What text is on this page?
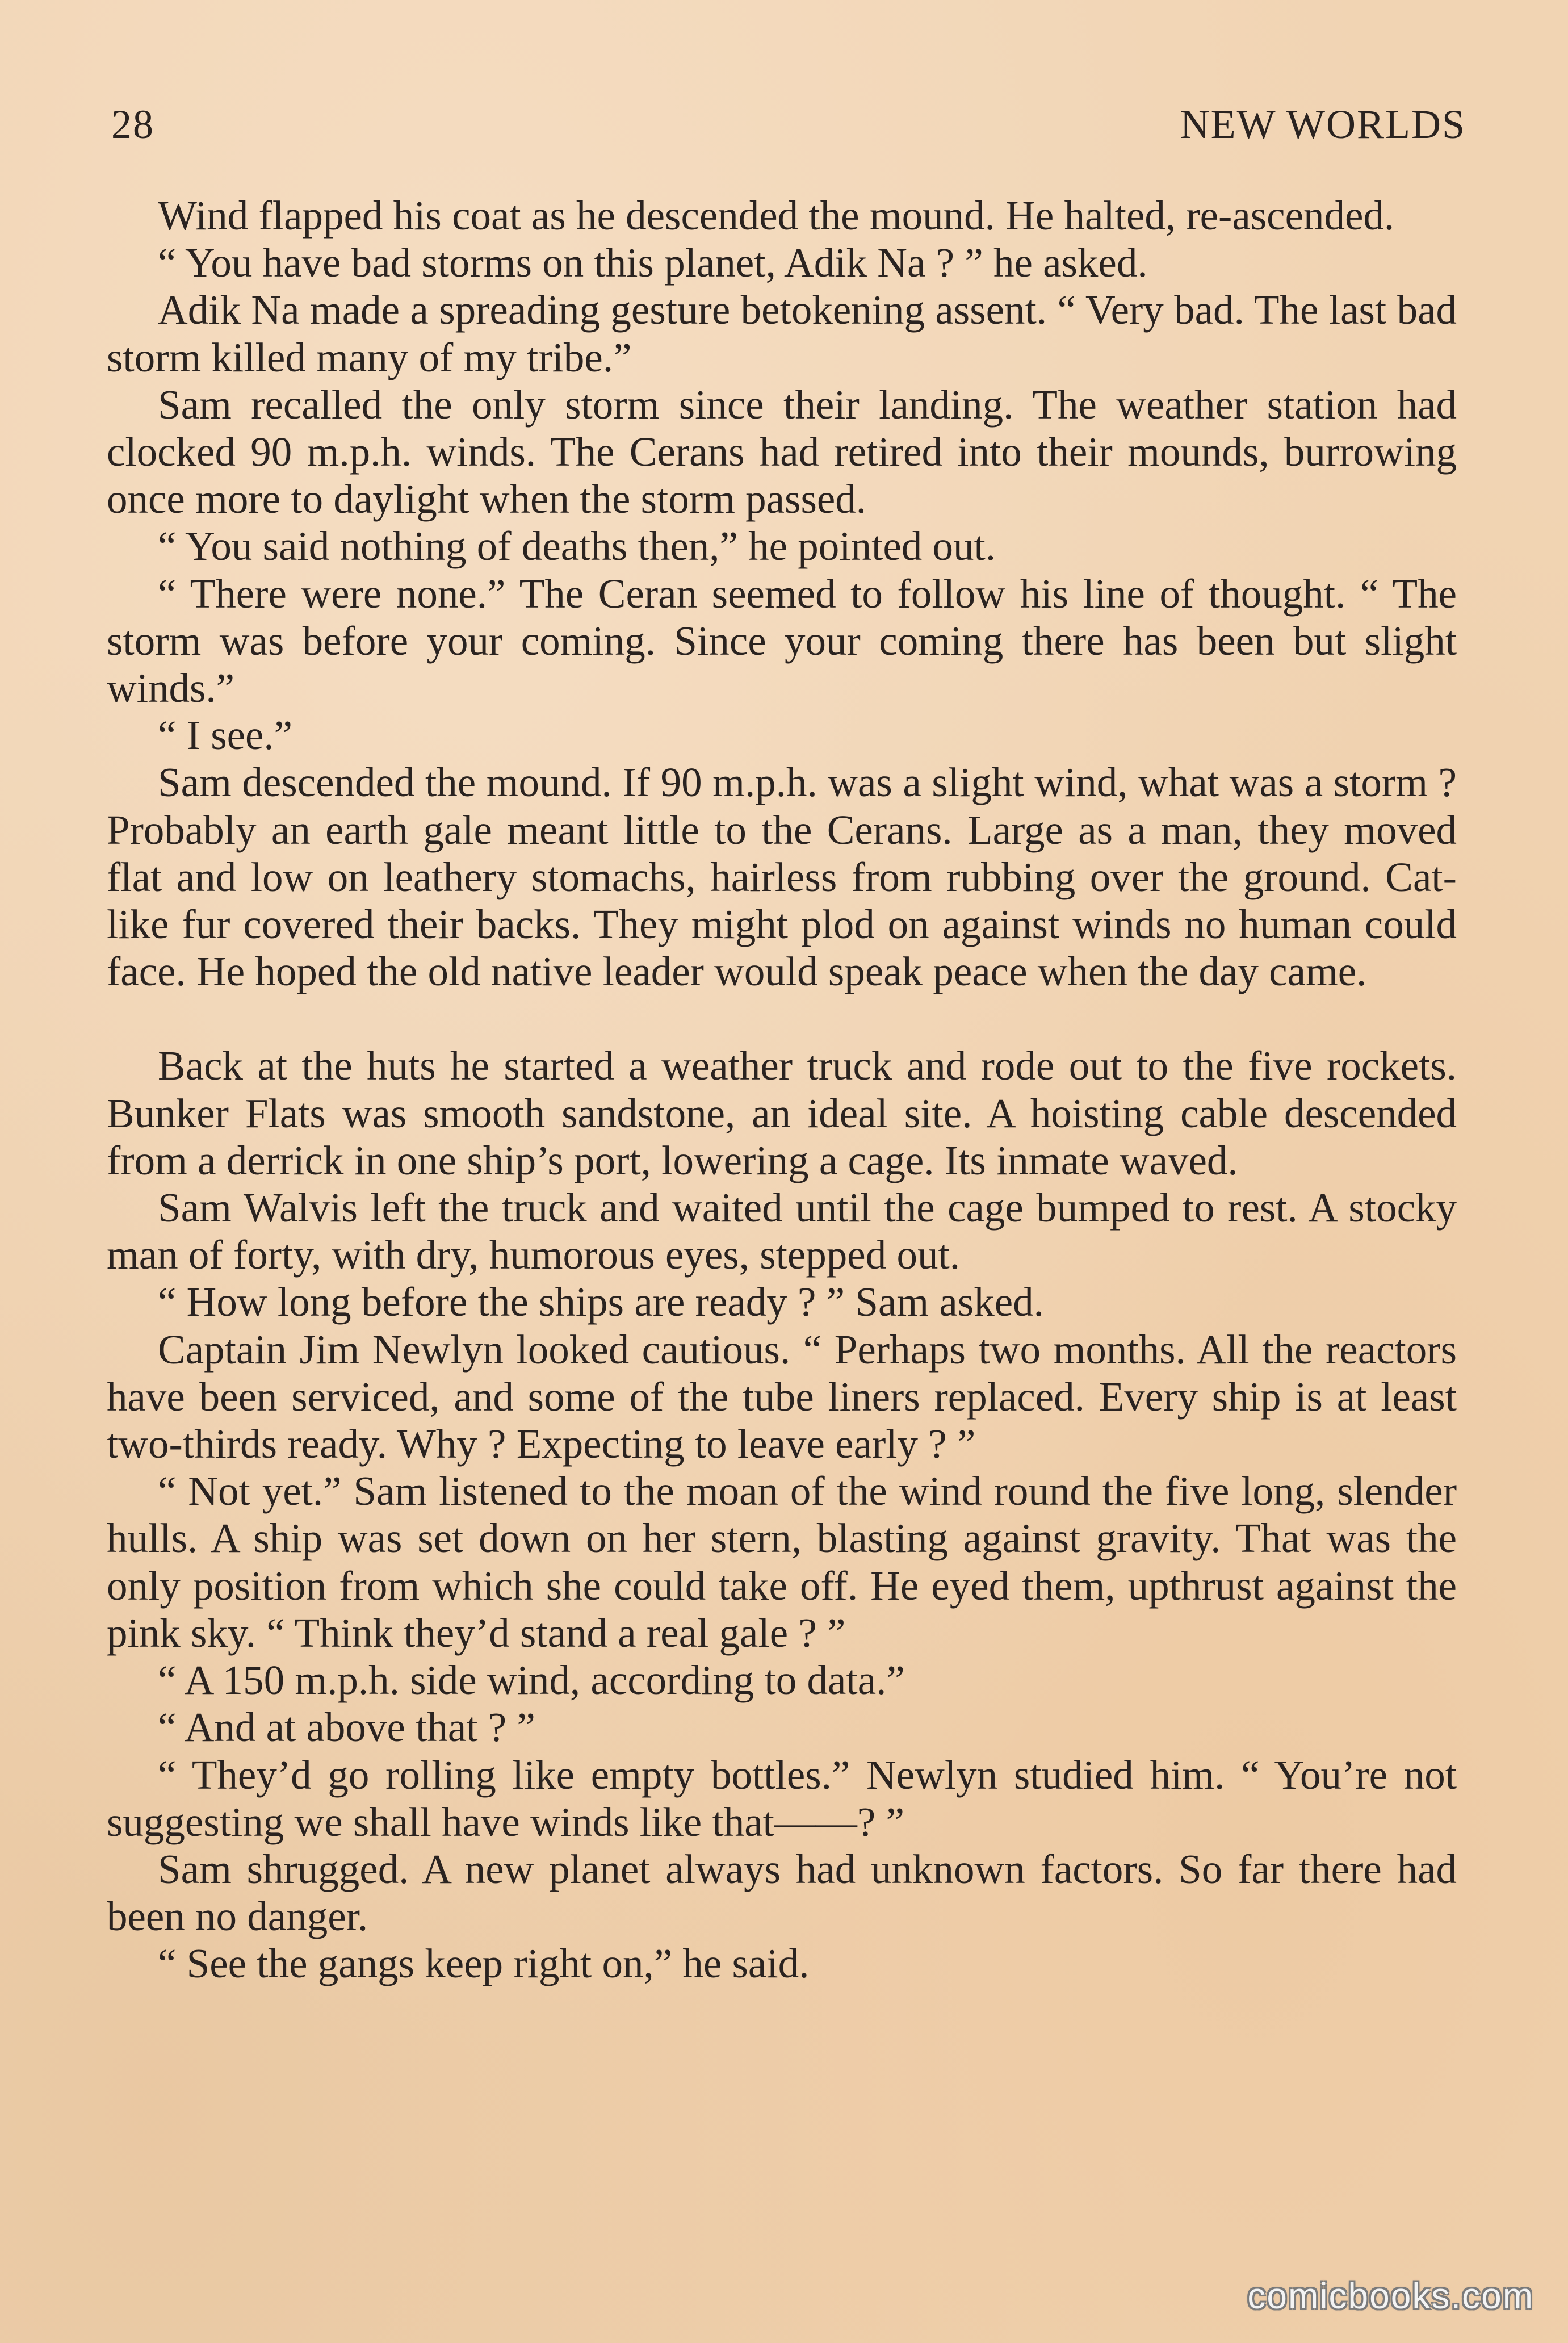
28	NEW WORLDS

Wind flapped his coat as he descended the mound. He halted, re-ascended.

“ You have bad storms on this planet, Adik Na ? ” he asked.

Adik Na made a spreading gesture betokening assent. “ Very bad. The last bad storm killed many of my tribe.”

Sam recalled the only storm since their landing. The weather station had clocked 90 m.p.h. winds. The Cerans had retired into their mounds, burrowing once more to daylight when the storm passed.

“ You said nothing of deaths then,” he pointed out.

“ There were none.” The Ceran seemed to follow his line of thought. “ The storm was before your coming. Since your coming there has been but slight winds.”

“ I see.”

Sam descended the mound. If 90 m.p.h. was a slight wind, what was a storm ? Probably an earth gale meant little to the Cerans. Large as a man, they moved flat and low on leathery stomachs, hairless from rubbing over the ground. Cat-like fur covered their backs. They might plod on against winds no human could face. He hoped the old native leader would speak peace when the day came.

Back at the huts he started a weather truck and rode out to the five rockets. Bunker Flats was smooth sandstone, an ideal site. A hoisting cable descended from a derrick in one ship’s port, lowering a cage. Its inmate waved.

Sam Walvis left the truck and waited until the cage bumped to rest. A stocky man of forty, with dry, humorous eyes, stepped out.

“ How long before the ships are ready ? ” Sam asked.

Captain Jim Newlyn looked cautious. “ Perhaps two months. All the reactors have been serviced, and some of the tube liners replaced. Every ship is at least two-thirds ready. Why ? Expecting to leave early ? ”

“ Not yet.” Sam listened to the moan of the wind round the five long, slender hulls. A ship was set down on her stern, blasting against gravity. That was the only position from which she could take off. He eyed them, upthrust against the pink sky. “ Think they’d stand a real gale ? ”

“ A 150 m.p.h. side wind, according to data.”

“ And at above that ? ”

“ They’d go rolling like empty bottles.” Newlyn studied him. “ You’re not suggesting we shall have winds like that——? ”

Sam shrugged. A new planet always had unknown factors. So far there had been no danger.

“ See the gangs keep right on,” he said.

comicbooks.com
